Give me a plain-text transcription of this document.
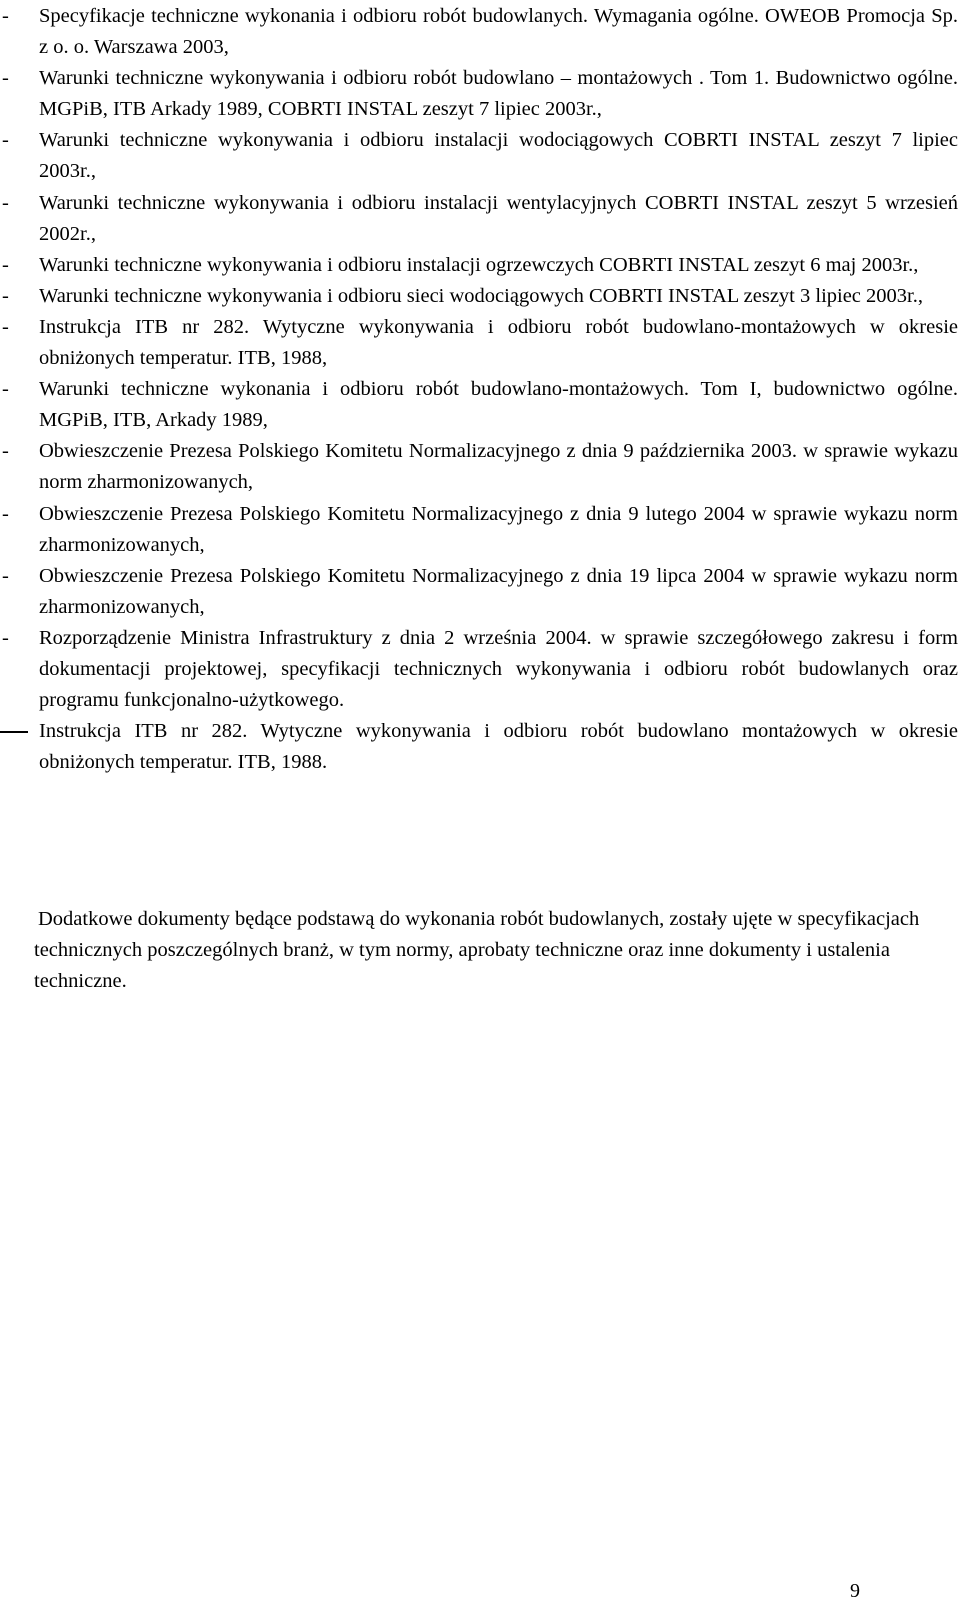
- Specyfikacje techniczne wykonania i odbioru robót budowlanych. Wymagania ogólne. OWEOB Promocja Sp. z o. o. Warszawa 2003,
- Warunki techniczne wykonywania i odbioru robót budowlano – montażowych . Tom 1. Budownictwo ogólne. MGPiB, ITB Arkady 1989, COBRTI INSTAL zeszyt 7 lipiec 2003r.,
- Warunki techniczne wykonywania i odbioru instalacji wodociągowych COBRTI INSTAL zeszyt 7 lipiec 2003r.,
- Warunki techniczne wykonywania i odbioru instalacji wentylacyjnych COBRTI INSTAL zeszyt 5 wrzesień 2002r.,
- Warunki techniczne wykonywania i odbioru instalacji ogrzewczych COBRTI INSTAL zeszyt 6 maj 2003r.,
- Warunki techniczne wykonywania i odbioru sieci wodociągowych COBRTI INSTAL zeszyt 3 lipiec 2003r.,
- Instrukcja ITB nr 282. Wytyczne wykonywania i odbioru robót budowlano-montażowych w okresie obniżonych temperatur. ITB, 1988,
- Warunki techniczne wykonania i odbioru robót budowlano-montażowych. Tom I, budownictwo ogólne. MGPiB, ITB, Arkady 1989,
- Obwieszczenie Prezesa Polskiego Komitetu Normalizacyjnego z dnia 9 października 2003. w sprawie wykazu norm zharmonizowanych,
- Obwieszczenie Prezesa Polskiego Komitetu Normalizacyjnego z dnia 9 lutego 2004 w sprawie wykazu norm zharmonizowanych,
- Obwieszczenie Prezesa Polskiego Komitetu Normalizacyjnego z dnia 19 lipca 2004 w sprawie wykazu norm zharmonizowanych,
- Rozporządzenie Ministra Infrastruktury z dnia 2 września 2004. w sprawie szczegółowego zakresu i form dokumentacji projektowej, specyfikacji technicznych wykonywania i odbioru robót budowlanych oraz programu funkcjonalno-użytkowego.
Instrukcja ITB nr 282. Wytyczne wykonywania i odbioru robót budowlano montażowych w okresie obniżonych temperatur. ITB, 1988.

Dodatkowe dokumenty będące podstawą do wykonania robót budowlanych, zostały ujęte w specyfikacjach technicznych poszczególnych branż, w tym normy, aprobaty techniczne oraz inne dokumenty i ustalenia techniczne.

9
